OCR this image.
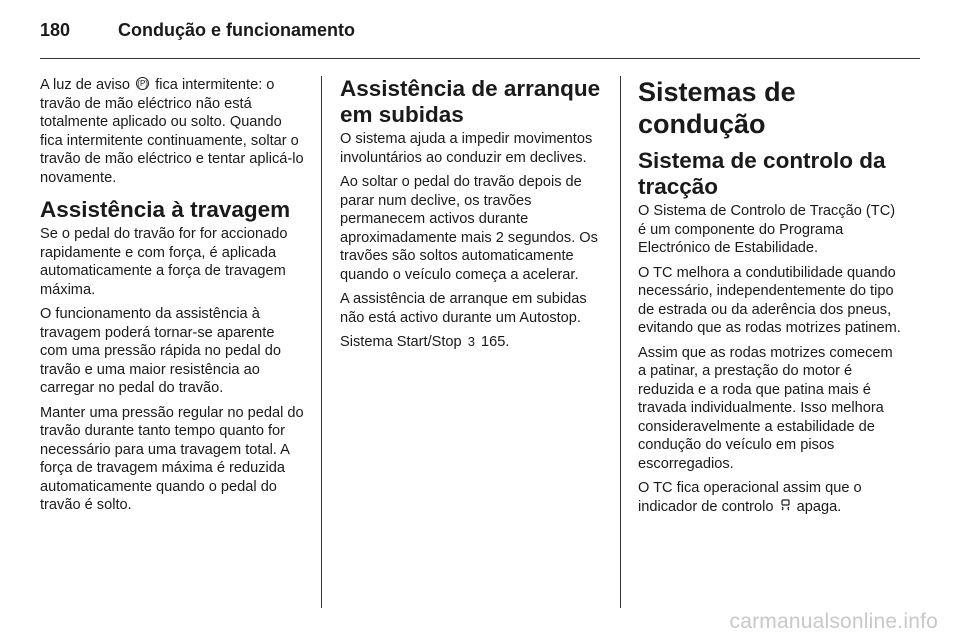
180	Condução e funcionamento

A luz de aviso (P) fica intermitente: o travão de mão eléctrico não está totalmente aplicado ou solto. Quando fica intermitente continuamente, soltar o travão de mão eléctrico e tentar aplicá-lo novamente.

Assistência à travagem

Se o pedal do travão for for accionado rapidamente e com força, é aplicada automaticamente a força de travagem máxima.

O funcionamento da assistência à travagem poderá tornar-se aparente com uma pressão rápida no pedal do travão e uma maior resistência ao carregar no pedal do travão.

Manter uma pressão regular no pedal do travão durante tanto tempo quanto for necessário para uma travagem total. A força de travagem máxima é reduzida automaticamente quando o pedal do travão é solto.

Assistência de arranque em subidas

O sistema ajuda a impedir movimentos involuntários ao conduzir em declives.

Ao soltar o pedal do travão depois de parar num declive, os travões permanecem activos durante aproximadamente mais 2 segundos. Os travões são soltos automaticamente quando o veículo começa a acelerar.

A assistência de arranque em subidas não está activo durante um Autostop.

Sistema Start/Stop 3 165.

Sistemas de condução
Sistema de controlo da tracção

O Sistema de Controlo de Tracção (TC) é um componente do Programa Electrónico de Estabilidade.

O TC melhora a condutibilidade quando necessário, independentemente do tipo de estrada ou da aderência dos pneus, evitando que as rodas motrizes patinem.

Assim que as rodas motrizes comecem a patinar, a prestação do motor é reduzida e a roda que patina mais é travada individualmente. Isso melhora consideravelmente a estabilidade de condução do veículo em pisos escorregadios.

O TC fica operacional assim que o indicador de controlo apaga.

carmanualsonline.info
